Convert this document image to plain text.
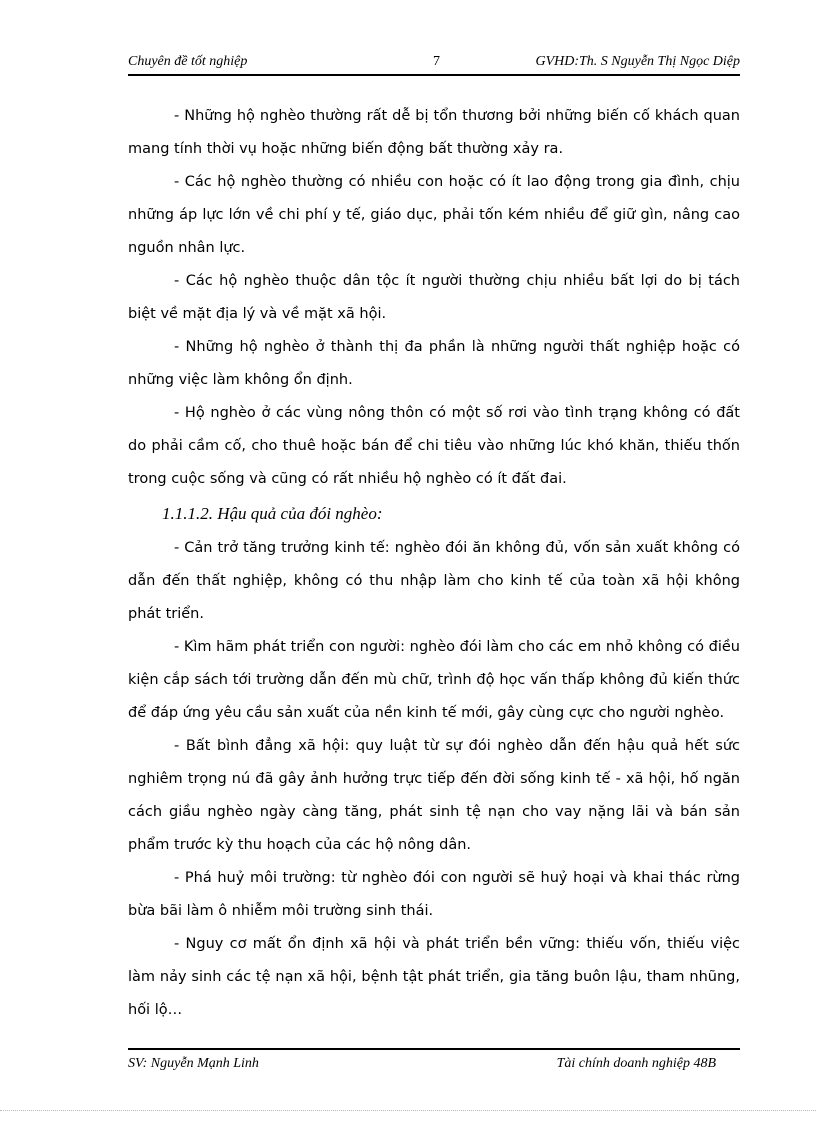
Chuyên đề tốt nghiệp	7	GVHD:Th. S Nguyễn Thị Ngọc Diệp

- Những hộ nghèo thường rất dễ bị tổn thương bởi những biến cố khách quan mang tính thời vụ hoặc những biến động bất thường xảy ra.

- Các hộ nghèo thường có nhiều con hoặc có ít lao động trong gia đình, chịu những áp lực lớn về chi phí y tế, giáo dục, phải tốn kém nhiều để giữ gìn, nâng cao nguồn nhân lực.

- Các hộ nghèo thuộc dân tộc ít người thường chịu nhiều bất lợi do bị tách biệt về mặt địa lý và về mặt xã hội.

- Những hộ nghèo ở thành thị đa phần là những người thất nghiệp hoặc có những việc làm không ổn định.

- Hộ nghèo ở các vùng nông thôn có một số rơi vào tình trạng không có đất do phải cầm cố, cho thuê hoặc bán để chi tiêu vào những lúc khó khăn, thiếu thốn trong cuộc sống và cũng có rất nhiều hộ nghèo có ít đất đai.

1.1.1.2. Hậu quả của đói nghèo:

- Cản trở tăng trưởng kinh tế: nghèo đói ăn không đủ, vốn sản xuất không có dẫn đến thất nghiệp, không có thu nhập làm cho kinh tế của toàn xã hội không phát triển.

- Kìm hãm phát triển con người: nghèo đói làm cho các em nhỏ không có điều kiện cắp sách tới trường dẫn đến mù chữ, trình độ học vấn thấp không đủ kiến thức để đáp ứng yêu cầu sản xuất của nền kinh tế mới, gây cùng cực cho người nghèo.

- Bất bình đẳng xã hội: quy luật từ sự đói nghèo dẫn đến hậu quả hết sức nghiêm trọng nú đã gây ảnh hưởng trực tiếp đến đời sống kinh tế - xã hội, hố ngăn cách giầu nghèo ngày càng tăng, phát sinh tệ nạn cho vay nặng lãi và bán sản phẩm trước kỳ thu hoạch của các hộ nông dân.

- Phá huỷ môi trường: từ nghèo đói con người sẽ huỷ hoại và khai thác rừng bừa bãi làm ô nhiễm môi trường sinh thái.

- Nguy cơ mất ổn định xã hội và phát triển bền vững: thiếu vốn, thiếu việc làm nảy sinh các tệ nạn xã hội, bệnh tật phát triển, gia tăng buôn lậu, tham nhũng, hối lộ…

SV: Nguyễn Mạnh Linh	Tài chính doanh nghiệp 48B
